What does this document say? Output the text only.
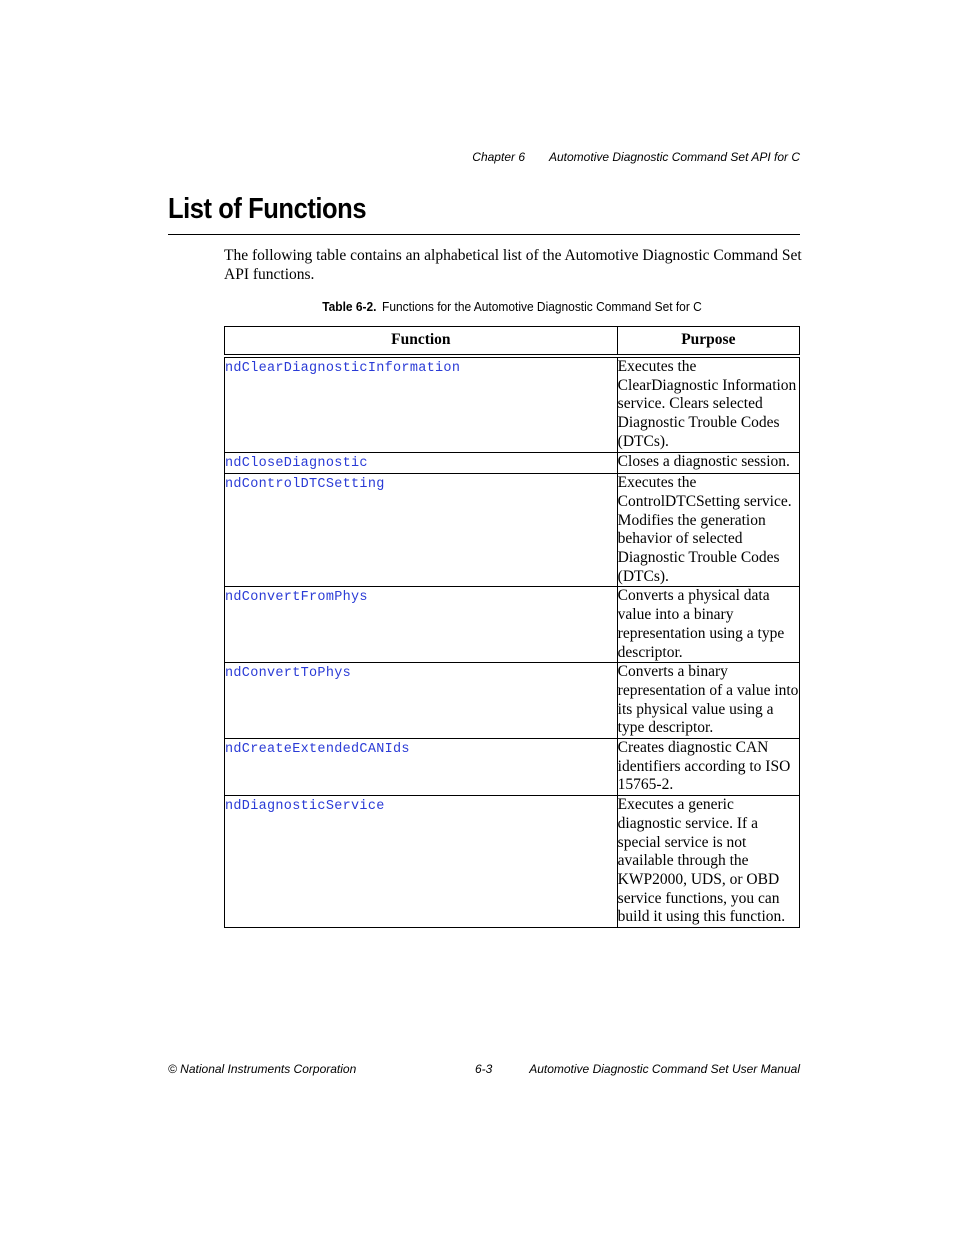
Chapter 6 Automotive Diagnostic Command Set API for C
List of Functions

The following table contains an alphabetical list of the Automotive Diagnostic Command Set API functions.

Table 6-2. Functions for the Automotive Diagnostic Command Set for C
Function	Purpose
ndClearDiagnosticInformation	Executes the ClearDiagnostic Information service. Clears selected Diagnostic Trouble Codes (DTCs).
ndCloseDiagnostic	Closes a diagnostic session.
ndControlDTCSetting	Executes the ControlDTCSetting service. Modifies the generation behavior of selected Diagnostic Trouble Codes (DTCs).
ndConvertFromPhys	Converts a physical data value into a binary representation using a type descriptor.
ndConvertToPhys	Converts a binary representation of a value into its physical value using a type descriptor.
ndCreateExtendedCANIds	Creates diagnostic CAN identifiers according to ISO 15765-2.
ndDiagnosticService	Executes a generic diagnostic service. If a special service is not available through the KWP2000, UDS, or OBD service functions, you can build it using this function.
© National Instruments Corporation	6-3	Automotive Diagnostic Command Set User Manual
